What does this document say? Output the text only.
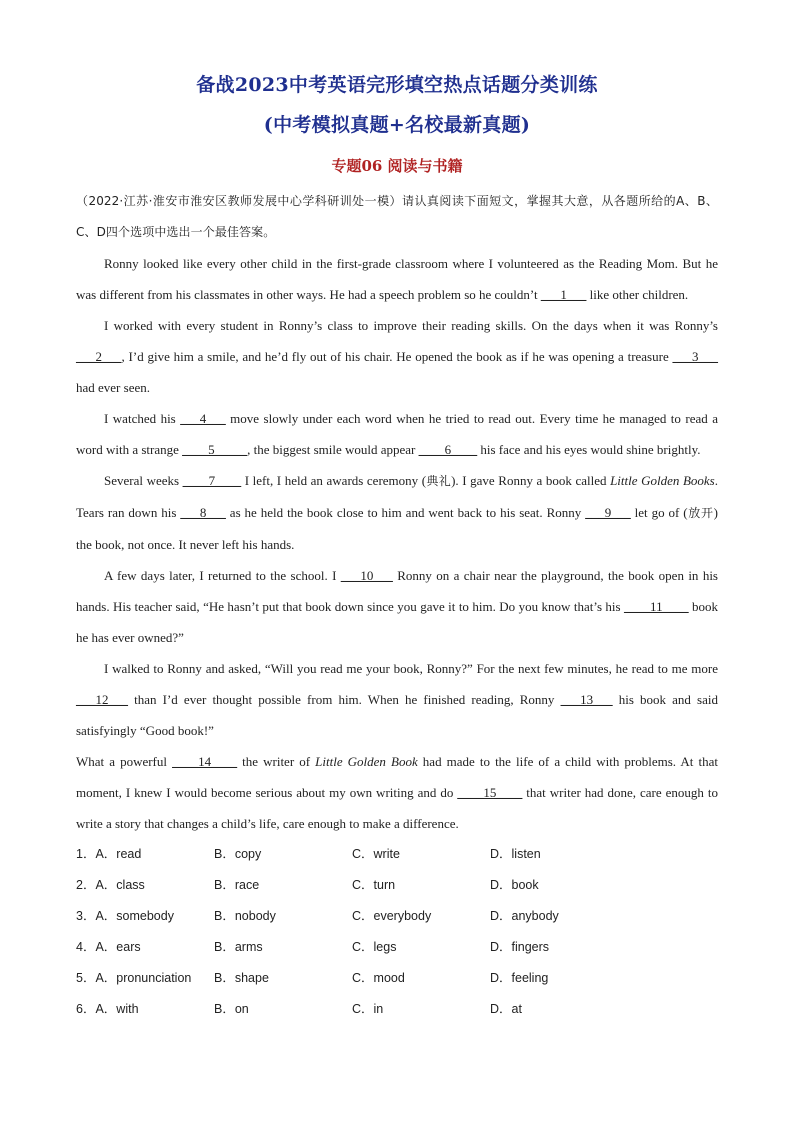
备战2023中考英语完形填空热点话题分类训练
(中考模拟真题+名校最新真题)
专题06 阅读与书籍

（2022·江苏·淮安市淮安区教师发展中心学科研训处一模）请认真阅读下面短文，掌握其大意，从各题所给的A、B、C、D四个选项中选出一个最佳答案。

Ronny looked like every other child in the first-grade classroom where I volunteered as the Reading Mom. But he was different from his classmates in other ways. He had a speech problem so he couldn’t ___1___ like other children.

I worked with every student in Ronny’s class to improve their reading skills. On the days when it was Ronny’s ___2___, I’d give him a smile, and he’d fly out of his chair. He opened the book as if he was opening a treasure ___3___ had ever seen.

I watched his ___4___ move slowly under each word when he tried to read out. Every time he managed to read a word with a strange ____5_____, the biggest smile would appear ____6____ his face and his eyes would shine brightly.

Several weeks ____7____ I left, I held an awards ceremony (典礼). I gave Ronny a book called Little Golden Books. Tears ran down his ___8___ as he held the book close to him and went back to his seat. Ronny ___9___ let go of (放开) the book, not once. It never left his hands.

A few days later, I returned to the school. I ___10___ Ronny on a chair near the playground, the book open in his hands. His teacher said, “He hasn’t put that book down since you gave it to him. Do you know that’s his ____11____ book he has ever owned?”

I walked to Ronny and asked, “Will you read me your book, Ronny?” For the next few minutes, he read to me more ___12___ than I’d ever thought possible from him. When he finished reading, Ronny ___13___ his book and said satisfyingly “Good book!”

What a powerful ____14____ the writer of Little Golden Book had made to the life of a child with problems. At that moment, I knew I would become serious about my own writing and do ____15____ that writer had done, care enough to write a story that changes a child’s life, care enough to make a difference.

1．A．read	B．copy	C．write	D．listen
2．A．class	B．race	C．turn	D．book
3．A．somebody	B．nobody	C．everybody	D．anybody
4．A．ears	B．arms	C．legs	D．fingers
5．A．pronunciation	B．shape	C．mood	D．feeling
6．A．with	B．on	C．in	D．at
